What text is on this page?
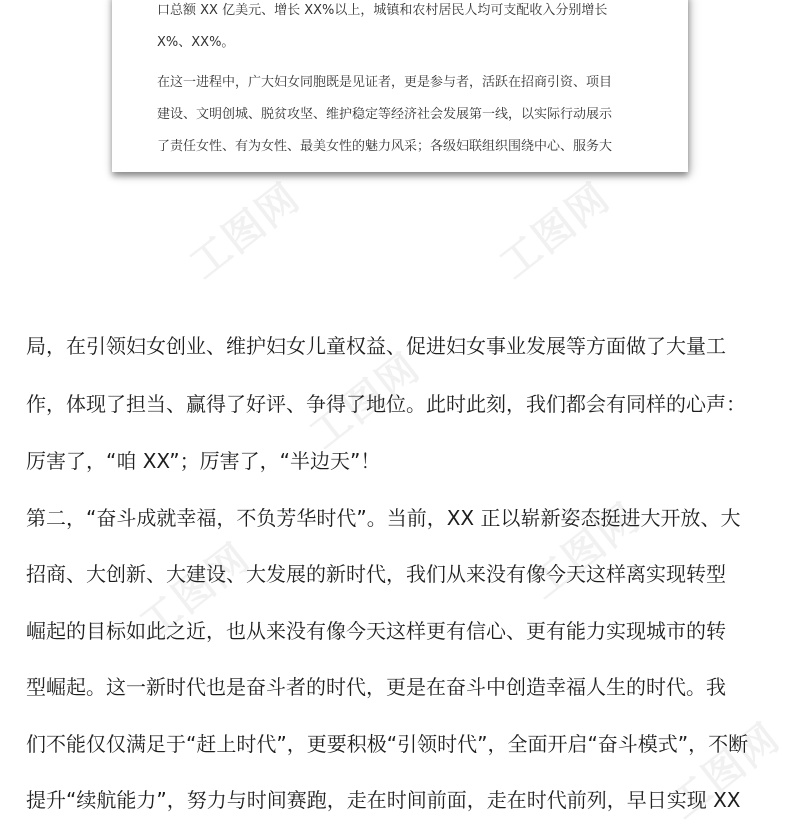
工图网	工图网
工图网
工图网
工图网
工图网
口总额 XX 亿美元、增长 XX%以上，城镇和农村居民人均可支配收入分别增长
X%、XX%。
在这一进程中，广大妇女同胞既是见证者，更是参与者，活跃在招商引资、项目
建设、文明创城、脱贫攻坚、维护稳定等经济社会发展第一线，以实际行动展示
了责任女性、有为女性、最美女性的魅力风采；各级妇联组织围绕中心、服务大
局，在引领妇女创业、维护妇女儿童权益、促进妇女事业发展等方面做了大量工
作，体现了担当、赢得了好评、争得了地位。此时此刻，我们都会有同样的心声：
厉害了，“咱 XX”；厉害了，“半边天”！
第二，“奋斗成就幸福，不负芳华时代”。当前，XX 正以崭新姿态挺进大开放、大
招商、大创新、大建设、大发展的新时代，我们从来没有像今天这样离实现转型
崛起的目标如此之近，也从来没有像今天这样更有信心、更有能力实现城市的转
型崛起。这一新时代也是奋斗者的时代，更是在奋斗中创造幸福人生的时代。我
们不能仅仅满足于“赶上时代”，更要积极“引领时代”，全面开启“奋斗模式”，不断
提升“续航能力”，努力与时间赛跑，走在时间前面，走在时代前列，早日实现 XX
